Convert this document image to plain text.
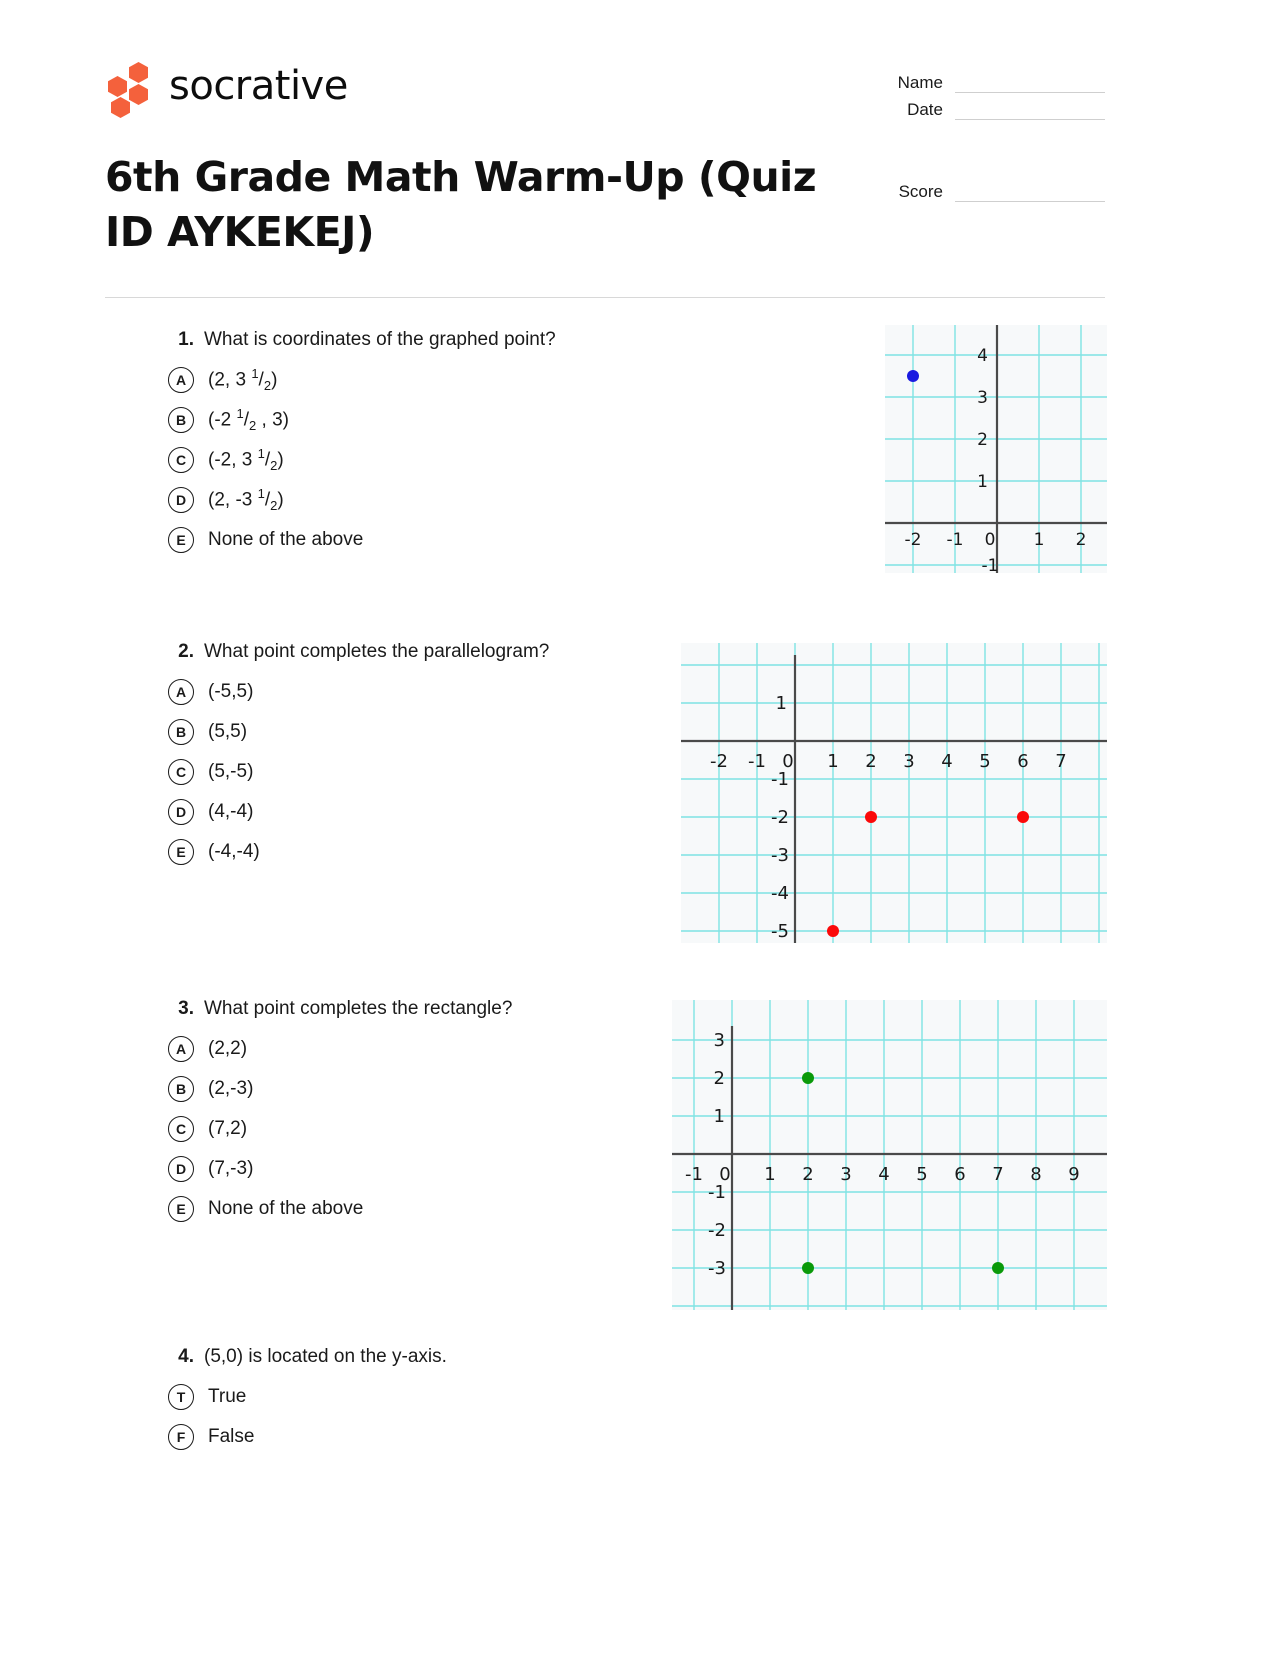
socrative	Name
Date
Score
6th Grade Math Warm-Up (Quiz ID AYKEKEJ)
1. What is coordinates of the graphed point?
A	(2, 3 $^1/_2$)
B	(-2 $^1/_2$ , 3)
C	(-2, 3 $^1/_2$)
D	(2, -3 $^1/_2$)
E	None of the above
4
3
2
1
-2 -1 0 1 2
-1
2. What point completes the parallelogram?
A	(-5,5)
B	(5,5)
C	(5,-5)
D	(4,-4)
E	(-4,-4)
1
-2 -1 0 1 2 3 4 5 6 7
-1
-2
-3
-4
-5
3. What point completes the rectangle?
A	(2,2)
B	(2,-3)
C	(7,2)
D	(7,-3)
E	None of the above
3
2
1
-1 0 1 2 3 4 5 6 7 8 9
-1
-2
-3
4. (5,0) is located on the y-axis.
T	True
F	False
